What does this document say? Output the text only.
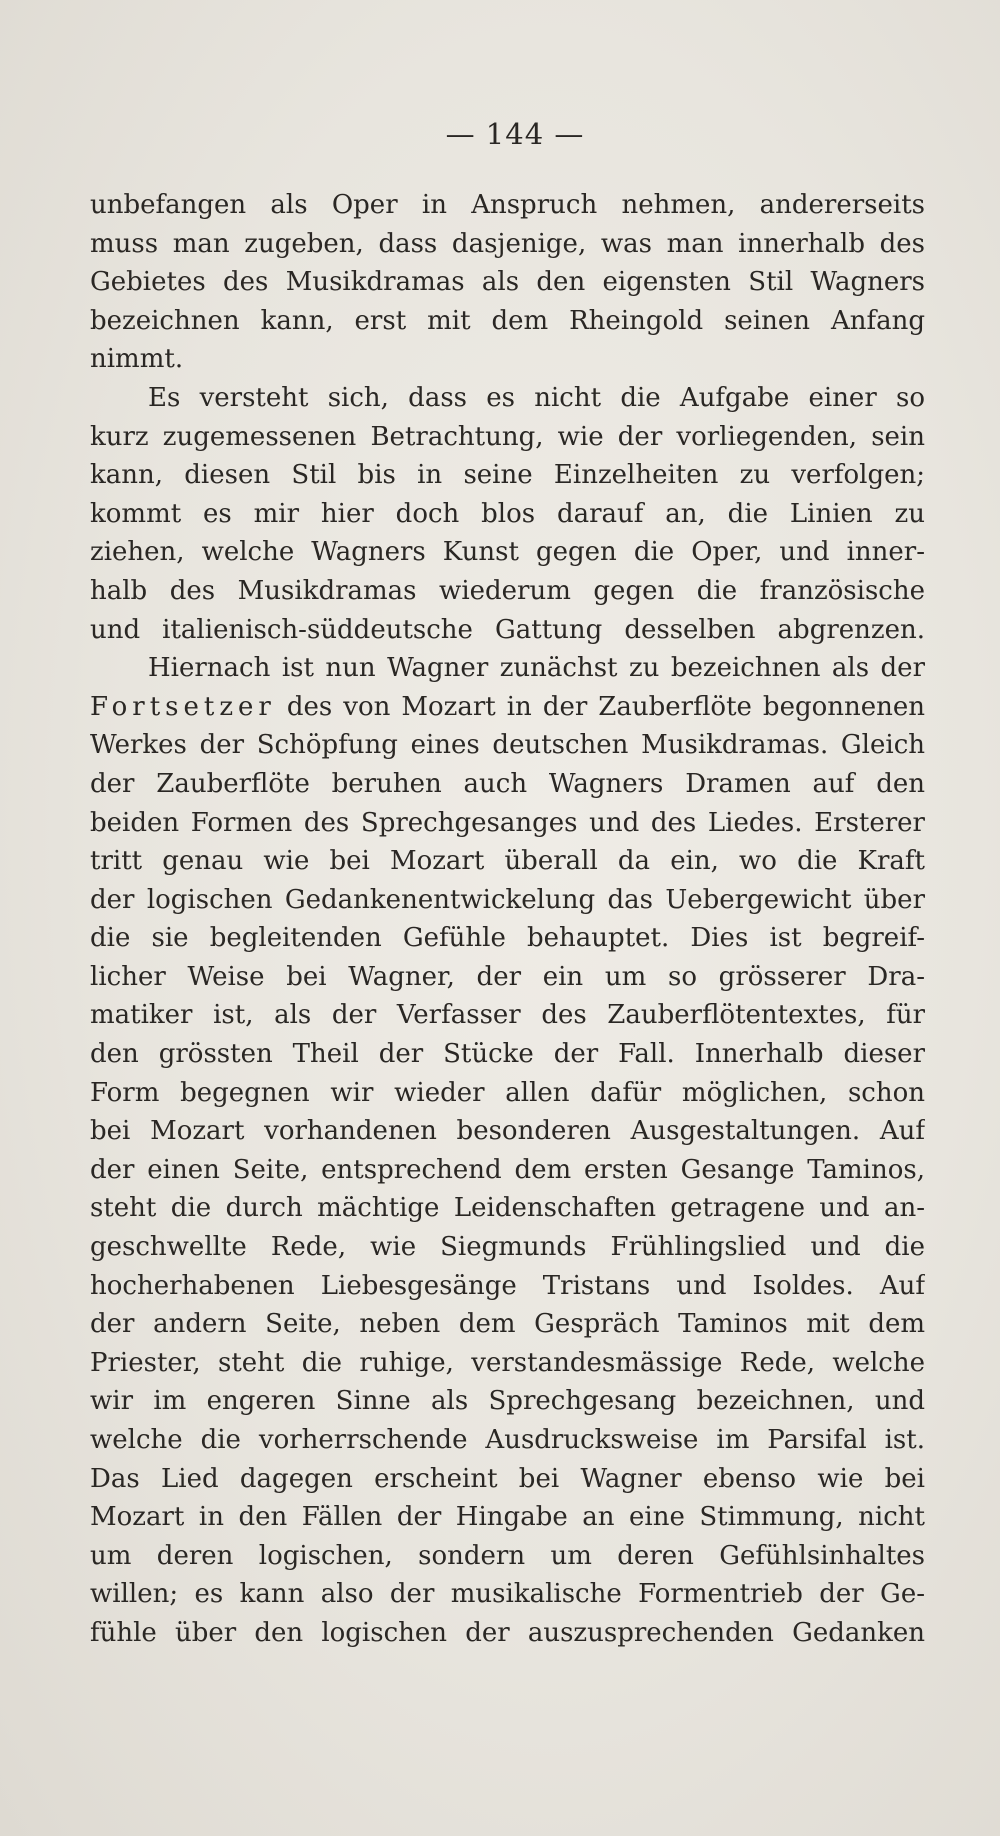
— 144 —
unbefangen als Oper in Anspruch nehmen, andererseits
muss man zugeben, dass dasjenige, was man innerhalb des
Gebietes des Musikdramas als den eigensten Stil Wagners
bezeichnen kann, erst mit dem Rheingold seinen Anfang
nimmt.
Es versteht sich, dass es nicht die Aufgabe einer so
kurz zugemessenen Betrachtung, wie der vorliegenden, sein
kann, diesen Stil bis in seine Einzelheiten zu verfolgen;
kommt es mir hier doch blos darauf an, die Linien zu
ziehen, welche Wagners Kunst gegen die Oper, und inner-
halb des Musikdramas wiederum gegen die französische
und italienisch-süddeutsche Gattung desselben abgrenzen.
Hiernach ist nun Wagner zunächst zu bezeichnen als der
Fortsetzer des von Mozart in der Zauberflöte begonnenen
Werkes der Schöpfung eines deutschen Musikdramas. Gleich
der Zauberflöte beruhen auch Wagners Dramen auf den
beiden Formen des Sprechgesanges und des Liedes. Ersterer
tritt genau wie bei Mozart überall da ein, wo die Kraft
der logischen Gedankenentwickelung das Uebergewicht über
die sie begleitenden Gefühle behauptet. Dies ist begreif-
licher Weise bei Wagner, der ein um so grösserer Dra-
matiker ist, als der Verfasser des Zauberflötentextes, für
den grössten Theil der Stücke der Fall. Innerhalb dieser
Form begegnen wir wieder allen dafür möglichen, schon
bei Mozart vorhandenen besonderen Ausgestaltungen. Auf
der einen Seite, entsprechend dem ersten Gesange Taminos,
steht die durch mächtige Leidenschaften getragene und an-
geschwellte Rede, wie Siegmunds Frühlingslied und die
hocherhabenen Liebesgesänge Tristans und Isoldes. Auf
der andern Seite, neben dem Gespräch Taminos mit dem
Priester, steht die ruhige, verstandesmässige Rede, welche
wir im engeren Sinne als Sprechgesang bezeichnen, und
welche die vorherrschende Ausdrucksweise im Parsifal ist.
Das Lied dagegen erscheint bei Wagner ebenso wie bei
Mozart in den Fällen der Hingabe an eine Stimmung, nicht
um deren logischen, sondern um deren Gefühlsinhaltes
willen; es kann also der musikalische Formentrieb der Ge-
fühle über den logischen der auszusprechenden Gedanken
